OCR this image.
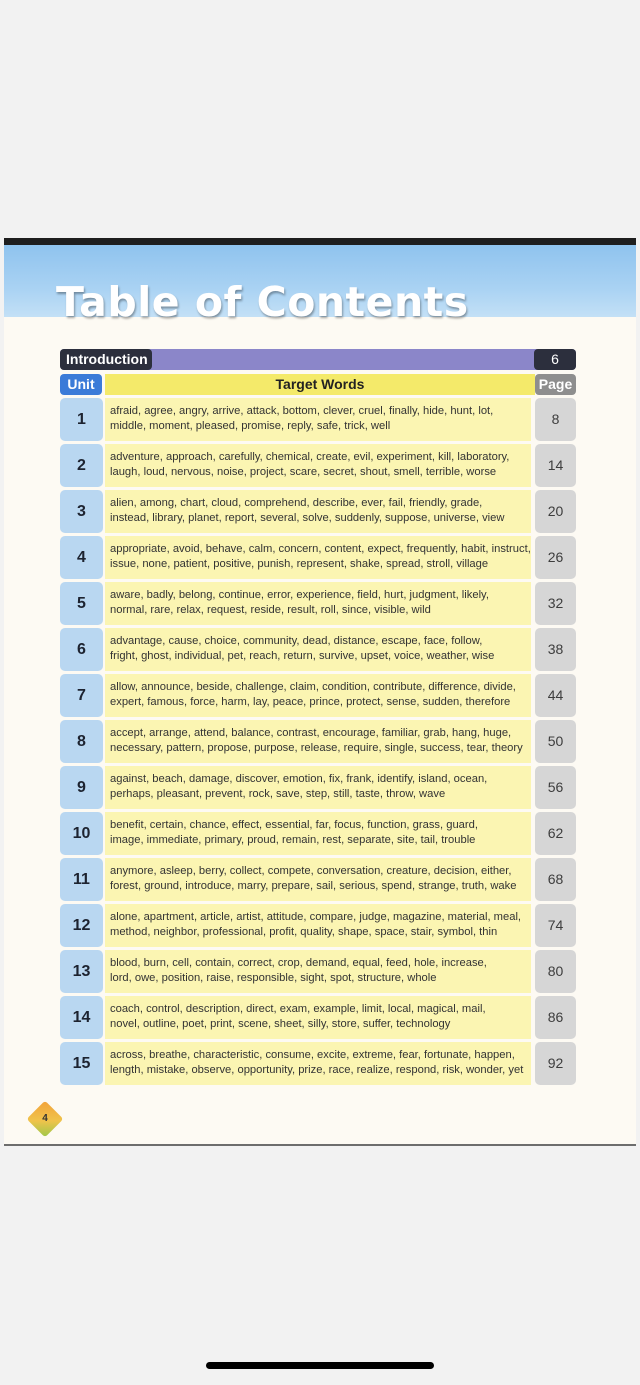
Table of Contents
Introduction	6
Unit	Target Words	Page
1	afraid, agree, angry, arrive, attack, bottom, clever, cruel, finally, hide, hunt, lot,
middle, moment, pleased, promise, reply, safe, trick, well	8
2	adventure, approach, carefully, chemical, create, evil, experiment, kill, laboratory,
laugh, loud, nervous, noise, project, scare, secret, shout, smell, terrible, worse	14
3	alien, among, chart, cloud, comprehend, describe, ever, fail, friendly, grade,
instead, library, planet, report, several, solve, suddenly, suppose, universe, view	20
4	appropriate, avoid, behave, calm, concern, content, expect, frequently, habit, instruct,
issue, none, patient, positive, punish, represent, shake, spread, stroll, village	26
5	aware, badly, belong, continue, error, experience, field, hurt, judgment, likely,
normal, rare, relax, request, reside, result, roll, since, visible, wild	32
6	advantage, cause, choice, community, dead, distance, escape, face, follow,
fright, ghost, individual, pet, reach, return, survive, upset, voice, weather, wise	38
7	allow, announce, beside, challenge, claim, condition, contribute, difference, divide,
expert, famous, force, harm, lay, peace, prince, protect, sense, sudden, therefore	44
8	accept, arrange, attend, balance, contrast, encourage, familiar, grab, hang, huge,
necessary, pattern, propose, purpose, release, require, single, success, tear, theory	50
9	against, beach, damage, discover, emotion, fix, frank, identify, island, ocean,
perhaps, pleasant, prevent, rock, save, step, still, taste, throw, wave	56
10	benefit, certain, chance, effect, essential, far, focus, function, grass, guard,
image, immediate, primary, proud, remain, rest, separate, site, tail, trouble	62
11	anymore, asleep, berry, collect, compete, conversation, creature, decision, either,
forest, ground, introduce, marry, prepare, sail, serious, spend, strange, truth, wake	68
12	alone, apartment, article, artist, attitude, compare, judge, magazine, material, meal,
method, neighbor, professional, profit, quality, shape, space, stair, symbol, thin	74
13	blood, burn, cell, contain, correct, crop, demand, equal, feed, hole, increase,
lord, owe, position, raise, responsible, sight, spot, structure, whole	80
14	coach, control, description, direct, exam, example, limit, local, magical, mail,
novel, outline, poet, print, scene, sheet, silly, store, suffer, technology	86
15	across, breathe, characteristic, consume, excite, extreme, fear, fortunate, happen,
length, mistake, observe, opportunity, prize, race, realize, respond, risk, wonder, yet	92
4
